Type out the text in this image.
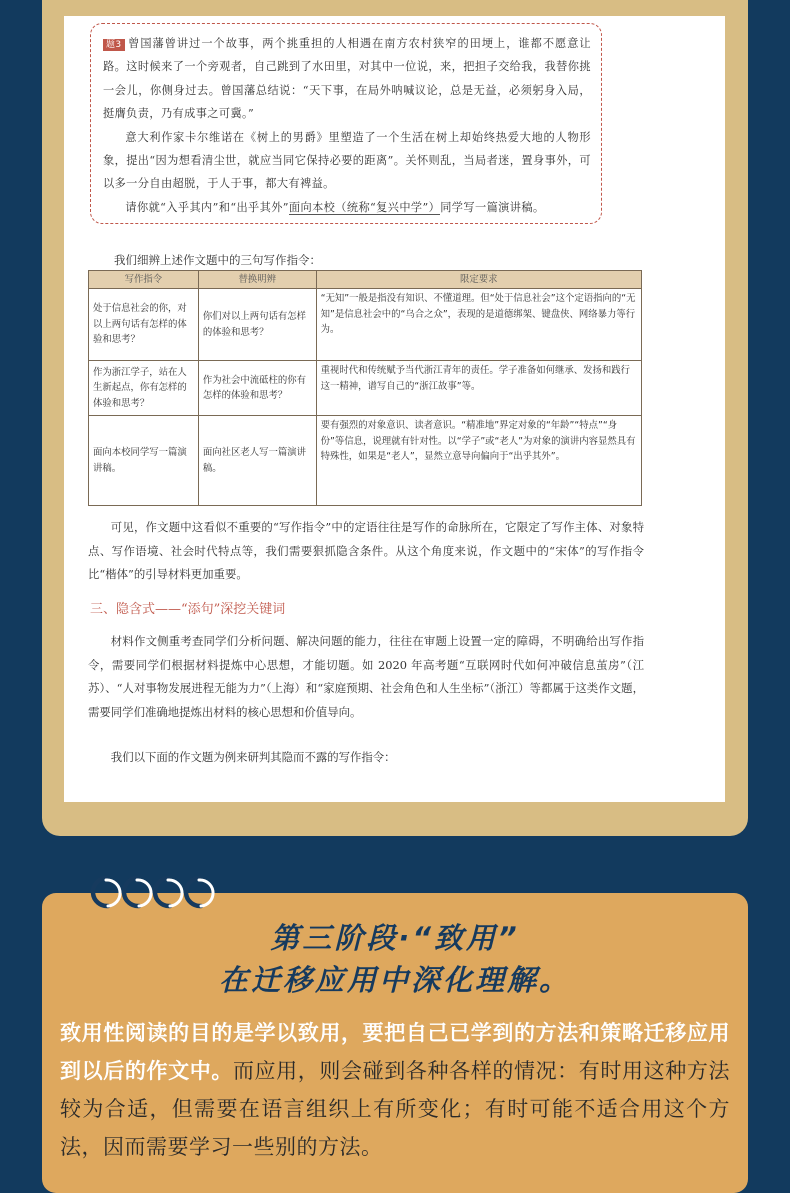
题3 曾国藩曾讲过一个故事，两个挑重担的人相遇在南方农村狭窄的田埂上，谁都不愿意让路。这时候来了一个旁观者，自己跳到了水田里，对其中一位说，来，把担子交给我，我替你挑一会儿，你侧身过去。曾国藩总结说：“天下事，在局外呐喊议论，总是无益，必须躬身入局，挺膺负责，乃有成事之可冀。”

意大利作家卡尔维诺在《树上的男爵》里塑造了一个生活在树上却始终热爱大地的人物形象，提出“因为想看清尘世，就应当同它保持必要的距离”。关怀则乱，当局者迷，置身事外，可以多一分自由超脱，于人于事，都大有裨益。

请你就“入乎其内”和“出乎其外”面向本校（统称“复兴中学”）同学写一篇演讲稿。

我们细辨上述作文题中的三句写作指令：

写作指令	替换明辨	限定要求
处于信息社会的你，对以上两句话有怎样的体验和思考？	你们对以上两句话有怎样的体验和思考？	“无知”一般是指没有知识、不懂道理。但“处于信息社会”这个定语指向的“无知”是信息社会中的“乌合之众”，表现的是道德绑架、键盘侠、网络暴力等行为。
作为浙江学子，站在人生新起点，你有怎样的体验和思考？	作为社会中流砥柱的你有怎样的体验和思考？	重视时代和传统赋予当代浙江青年的责任。学子准备如何继承、发扬和践行这一精神，谱写自己的“浙江故事”等。
面向本校同学写一篇演讲稿。	面向社区老人写一篇演讲稿。	要有强烈的对象意识、读者意识。“精准地”界定对象的“年龄”“特点”“身份”等信息，说理就有针对性。以“学子”或“老人”为对象的演讲内容显然具有特殊性，如果是“老人”，显然立意导向偏向于“出乎其外”。

可见，作文题中这看似不重要的“写作指令”中的定语往往是写作的命脉所在，它限定了写作主体、对象特点、写作语境、社会时代特点等，我们需要狠抓隐含条件。从这个角度来说，作文题中的“宋体”的写作指令比“楷体”的引导材料更加重要。

三、隐含式——“添句”深挖关键词

材料作文侧重考查同学们分析问题、解决问题的能力，往往在审题上设置一定的障碍，不明确给出写作指令，需要同学们根据材料提炼中心思想，才能切题。如 2020 年高考题“互联网时代如何冲破信息茧房”（江苏）、“人对事物发展进程无能为力”（上海）和“家庭预期、社会角色和人生坐标”（浙江）等都属于这类作文题，需要同学们准确地提炼出材料的核心思想和价值导向。

我们以下面的作文题为例来研判其隐而不露的写作指令：

第三阶段·“致用”
在迁移应用中深化理解。

致用性阅读的目的是学以致用，要把自己已学到的方法和策略迁移应用到以后的作文中。而应用，则会碰到各种各样的情况：有时用这种方法较为合适，但需要在语言组织上有所变化；有时可能不适合用这个方法，因而需要学习一些别的方法。
